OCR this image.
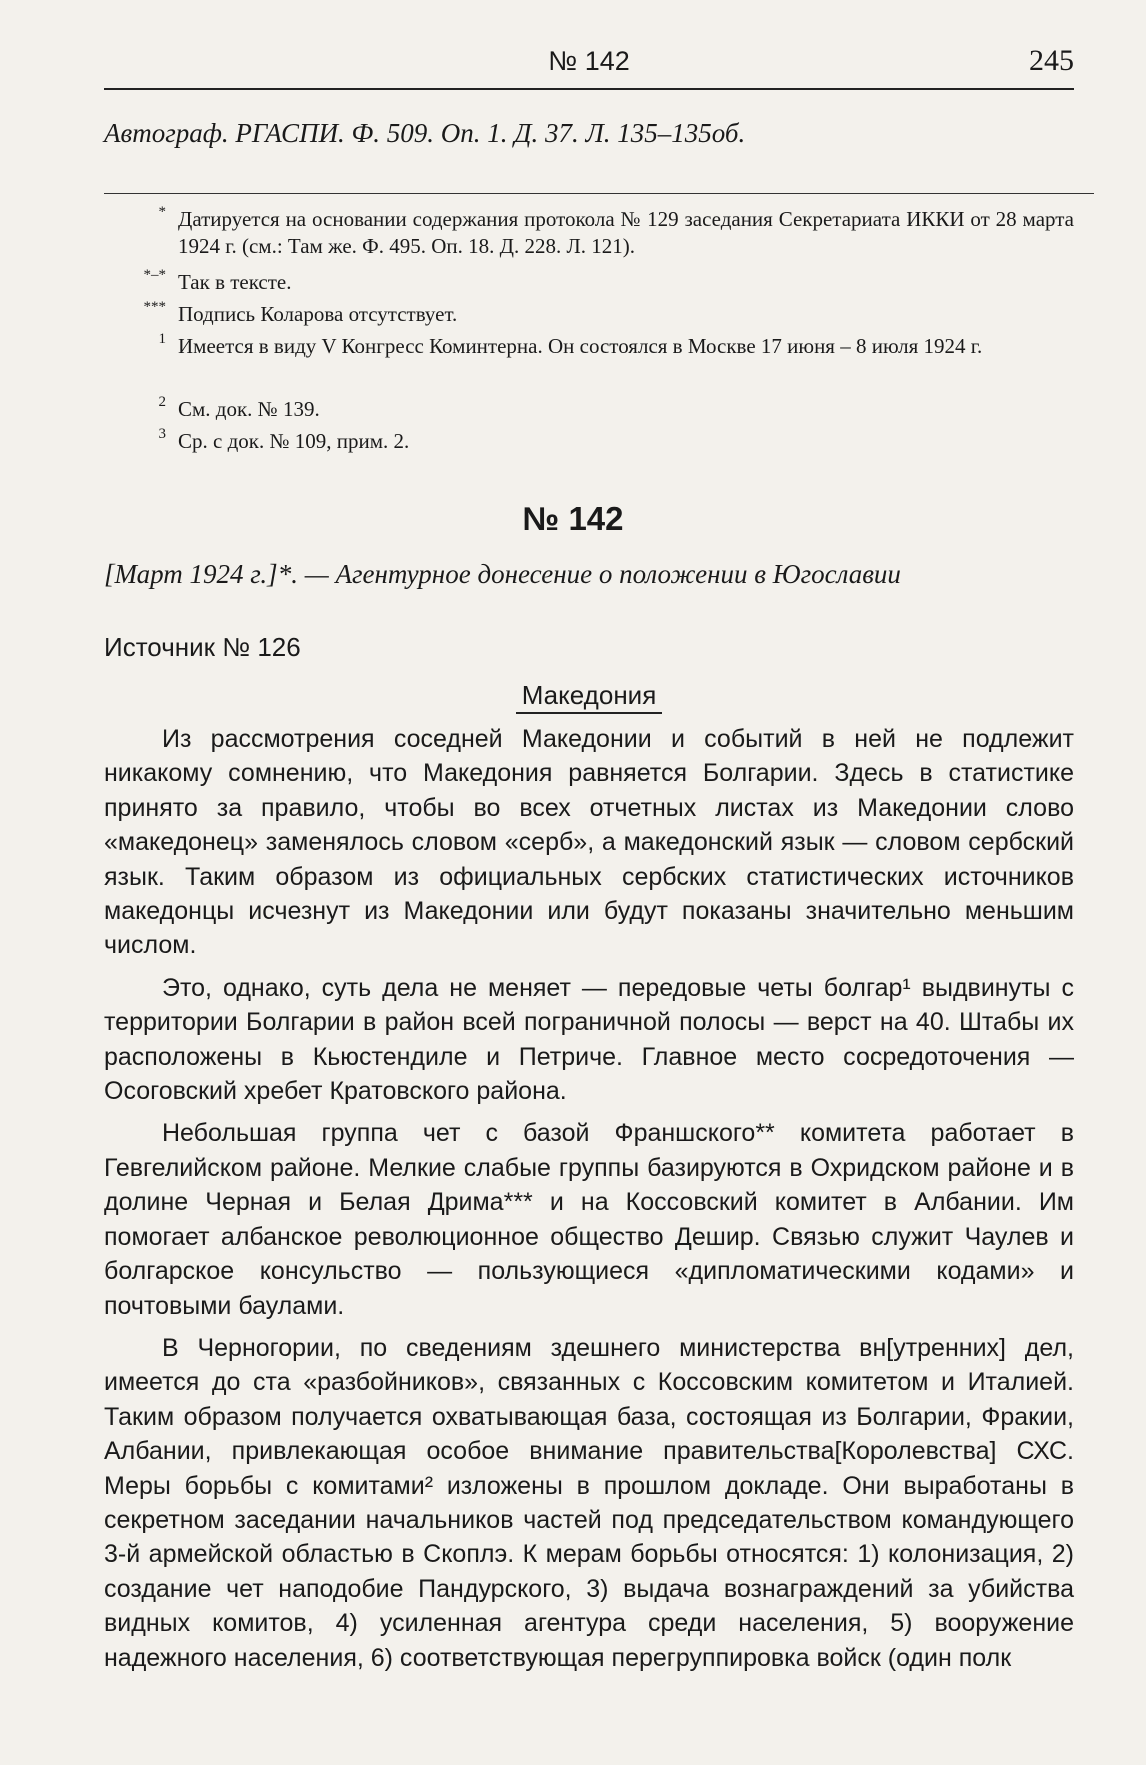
№ 142	245
Автограф. РГАСПИ. Ф. 509. Оп. 1. Д. 37. Л. 135–135об.
* Датируется на основании содержания протокола № 129 заседания Секретариата ИККИ от 28 марта 1924 г. (см.: Там же. Ф. 495. Оп. 18. Д. 228. Л. 121).
*–* Так в тексте.
*** Подпись Коларова отсутствует.
1 Имеется в виду V Конгресс Коминтерна. Он состоялся в Москве 17 июня – 8 июля 1924 г.
2 См. док. № 139.
3 Ср. с док. № 109, прим. 2.
№ 142
[Март 1924 г.]*. — Агентурное донесение о положении в Югославии
Источник № 126
Македония

Из рассмотрения соседней Македонии и событий в ней не подлежит никакому сомнению, что Македония равняется Болгарии. Здесь в статистике принято за правило, чтобы во всех отчетных листах из Македонии слово «македонец» заменялось словом «серб», а македонский язык — словом сербский язык. Таким образом из официальных сербских статистических источников македонцы исчезнут из Македонии или будут показаны значительно меньшим числом.

Это, однако, суть дела не меняет — передовые четы болгар¹ выдвинуты с территории Болгарии в район всей пограничной полосы — верст на 40. Штабы их расположены в Кьюстендиле и Петриче. Главное место сосредоточения — Осоговский хребет Кратовского района.

Небольшая группа чет с базой Франшского** комитета работает в Гевгелийском районе. Мелкие слабые группы базируются в Охридском районе и в долине Черная и Белая Дрима*** и на Коссовский комитет в Албании. Им помогает албанское революционное общество Дешир. Связью служит Чаулев и болгарское консульство — пользующиеся «дипломатическими кодами» и почтовыми баулами.

В Черногории, по сведениям здешнего министерства вн[утренних] дел, имеется до ста «разбойников», связанных с Коссовским комитетом и Италией. Таким образом получается охватывающая база, состоящая из Болгарии, Фракии, Албании, привлекающая особое внимание правительства[Королевства] СХС. Меры борьбы с комитами² изложены в прошлом докладе. Они выработаны в секретном заседании начальников частей под председательством командующего 3-й армейской областью в Скоплэ. К мерам борьбы относятся: 1) колонизация, 2) создание чет наподобие Пандурского, 3) выдача вознаграждений за убийства видных комитов, 4) усиленная агентура среди населения, 5) вооружение надежного населения, 6) соответствующая перегруппировка войск (один полк
